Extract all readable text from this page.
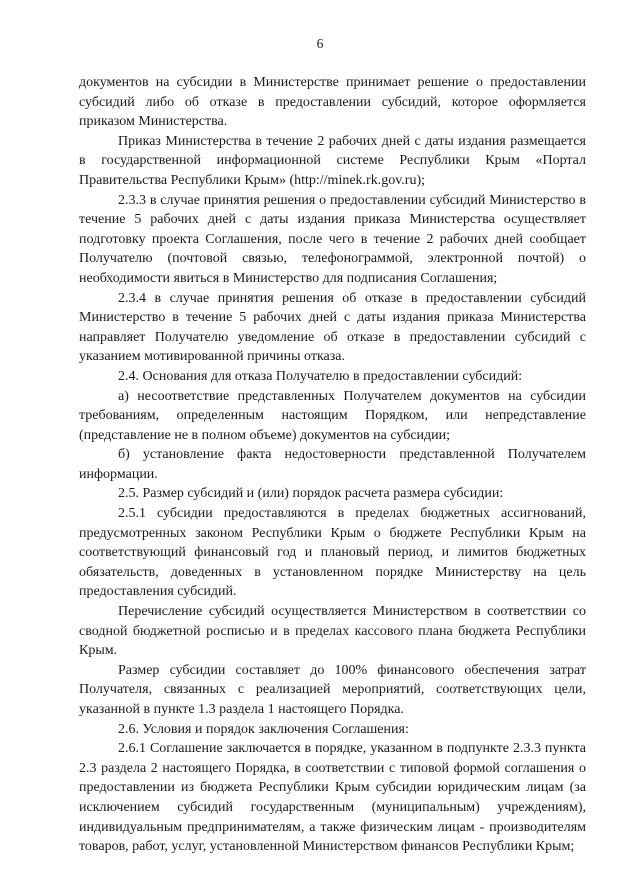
6

документов на субсидии в Министерстве принимает решение о предоставлении субсидий либо об отказе в предоставлении субсидий, которое оформляется приказом Министерства.

Приказ Министерства в течение 2 рабочих дней с даты издания размещается в государственной информационной системе Республики Крым «Портал Правительства Республики Крым» (http://minek.rk.gov.ru);

2.3.3 в случае принятия решения о предоставлении субсидий Министерство в течение 5 рабочих дней с даты издания приказа Министерства осуществляет подготовку проекта Соглашения, после чего в течение 2 рабочих дней сообщает Получателю (почтовой связью, телефонограммой, электронной почтой) о необходимости явиться в Министерство для подписания Соглашения;

2.3.4 в случае принятия решения об отказе в предоставлении субсидий Министерство в течение 5 рабочих дней с даты издания приказа Министерства направляет Получателю уведомление об отказе в предоставлении субсидий с указанием мотивированной причины отказа.

2.4. Основания для отказа Получателю в предоставлении субсидий:

а) несоответствие представленных Получателем документов на субсидии требованиям, определенным настоящим Порядком, или непредставление (представление не в полном объеме) документов на субсидии;

б) установление факта недостоверности представленной Получателем информации.

2.5. Размер субсидий и (или) порядок расчета размера субсидии:

2.5.1 субсидии предоставляются в пределах бюджетных ассигнований, предусмотренных законом Республики Крым о бюджете Республики Крым на соответствующий финансовый год и плановый период, и лимитов бюджетных обязательств, доведенных в установленном порядке Министерству на цель предоставления субсидий.

Перечисление субсидий осуществляется Министерством в соответствии со сводной бюджетной росписью и в пределах кассового плана бюджета Республики Крым.

Размер субсидии составляет до 100% финансового обеспечения затрат Получателя, связанных с реализацией мероприятий, соответствующих цели, указанной в пункте 1.3 раздела 1 настоящего Порядка.

2.6. Условия и порядок заключения Соглашения:

2.6.1 Соглашение заключается в порядке, указанном в подпункте 2.3.3 пункта 2.3 раздела 2 настоящего Порядка, в соответствии с типовой формой соглашения о предоставлении из бюджета Республики Крым субсидии юридическим лицам (за исключением субсидий государственным (муниципальным) учреждениям), индивидуальным предпринимателям, а также физическим лицам - производителям товаров, работ, услуг, установленной Министерством финансов Республики Крым;
